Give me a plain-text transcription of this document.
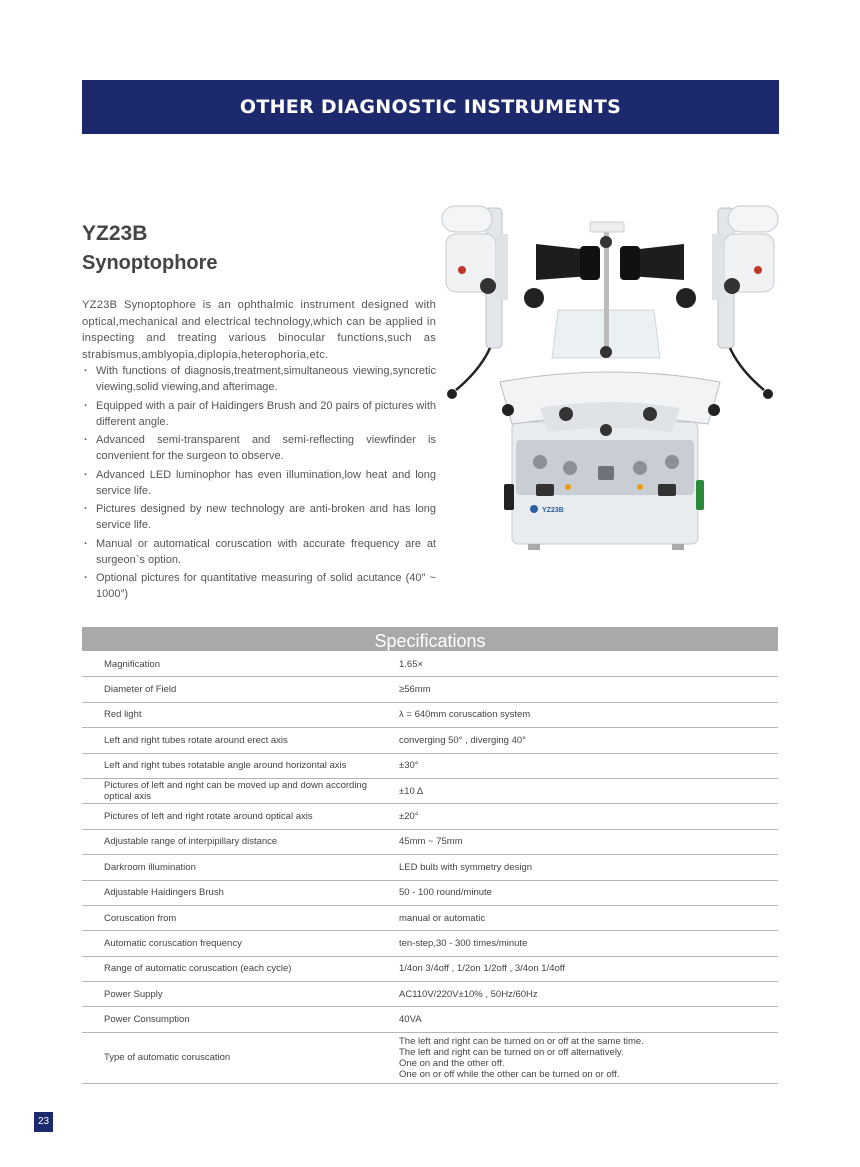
OTHER DIAGNOSTIC INSTRUMENTS
YZ23B
Synoptophore

YZ23B Synoptophore is an ophthalmic instrument designed with optical,mechanical and electrical technology,which can be applied in inspecting and treating various binocular functions,such as strabismus,amblyopia,diplopia,heterophoria,etc.

· With functions of diagnosis,treatment,simultaneous viewing,syncretic viewing,solid viewing,and afterimage.
· Equipped with a pair of Haidingers Brush and 20 pairs of pictures with different angle.
· Advanced semi-transparent and semi-reflecting viewfinder is convenient for the surgeon to observe.
· Advanced LED luminophor has even illumination,low heat and long service life.
· Pictures designed by new technology are anti-broken and has long service life.
· Manual or automatical coruscation with accurate frequency are at surgeon`s option.
· Optional pictures for quantitative measuring of solid acutance (40″ ~ 1000″)
YZ23B
Specifications
Magnification	1.65×
Diameter of Field	≥56mm
Red light	λ = 640mm coruscation system
Left and right tubes rotate around erect axis	converging 50° , diverging 40°
Left and right tubes rotatable angle around horizontal axis	±30°
Pictures of left and right can be moved up and down according optical axis	±10 Δ
Pictures of left and right rotate around optical axis	±20°
Adjustable range of interpipillary distance	45mm ~ 75mm
Darkroom illumination	LED bulb with symmetry design
Adjustable Haidingers Brush	50 - 100 round/minute
Coruscation from	manual or automatic
Automatic coruscation frequency	ten-step,30 - 300 times/minute
Range of automatic coruscation (each cycle)	1/4on 3/4off , 1/2on 1/2off , 3/4on 1/4off
Power Supply	AC110V/220V±10% , 50Hz/60Hz
Power Consumption	40VA
Type of automatic coruscation	The left and right can be turned on or off at the same time.
The left and right can be turned on or off alternatively.
One on and the other off.
One on or off while the other can be turned on or off.
23
